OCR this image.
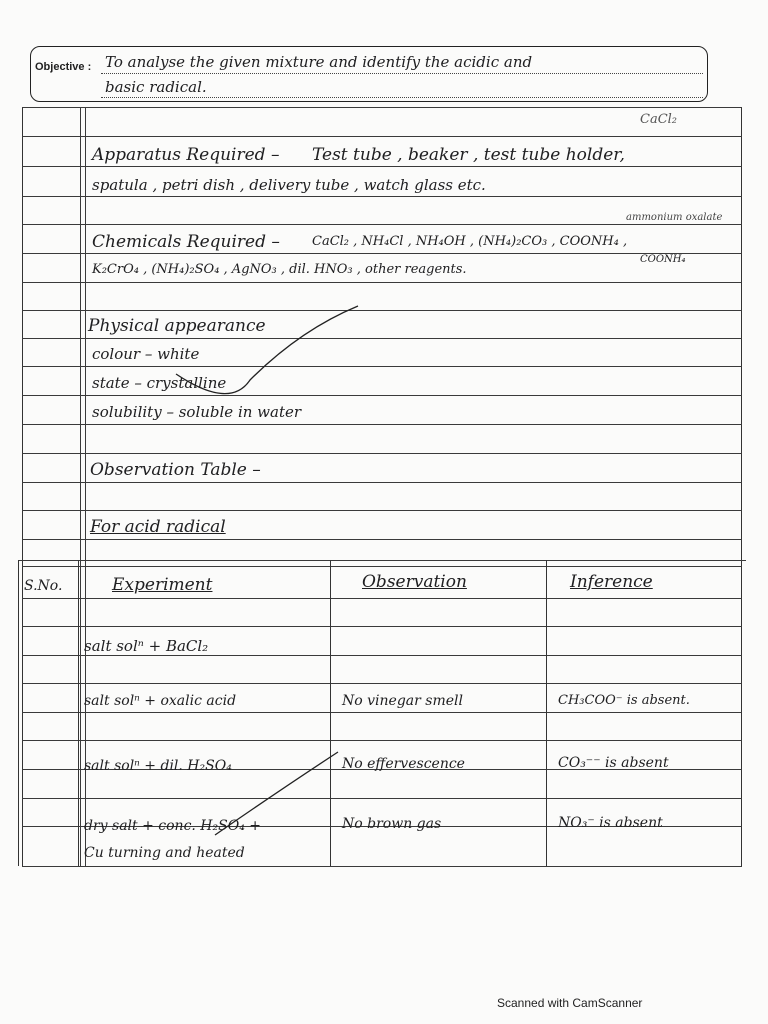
Objective : To analyse the given mixture and identify the acidic and
basic radical.
CaCl₂
Apparatus Required – Test tube , beaker , test tube holder,
spatula , petri dish , delivery tube , watch glass etc.
Chemicals Required – CaCl₂ , NH₄Cl , NH₄OH , (NH₄)₂CO₃ , COONH₄ ,
COONH₄
ammonium oxalate
K₂CrO₄ , (NH₄)₂SO₄ , AgNO₃ , dil. HNO₃ , other reagents.
Physical appearance
colour – white
state – crystalline
solubility – soluble in water
Observation Table –
For acid radical
S.No.	Experiment	Observation	Inference
salt solⁿ + BaCl₂
salt solⁿ + oxalic acid	No vinegar smell	CH₃COO⁻ is absent.
salt solⁿ + dil. H₂SO₄	No effervescence	CO₃⁻⁻ is absent
dry salt + conc. H₂SO₄ +
Cu turning and heated
No brown gas	NO₃⁻ is absent
Scanned with CamScanner
